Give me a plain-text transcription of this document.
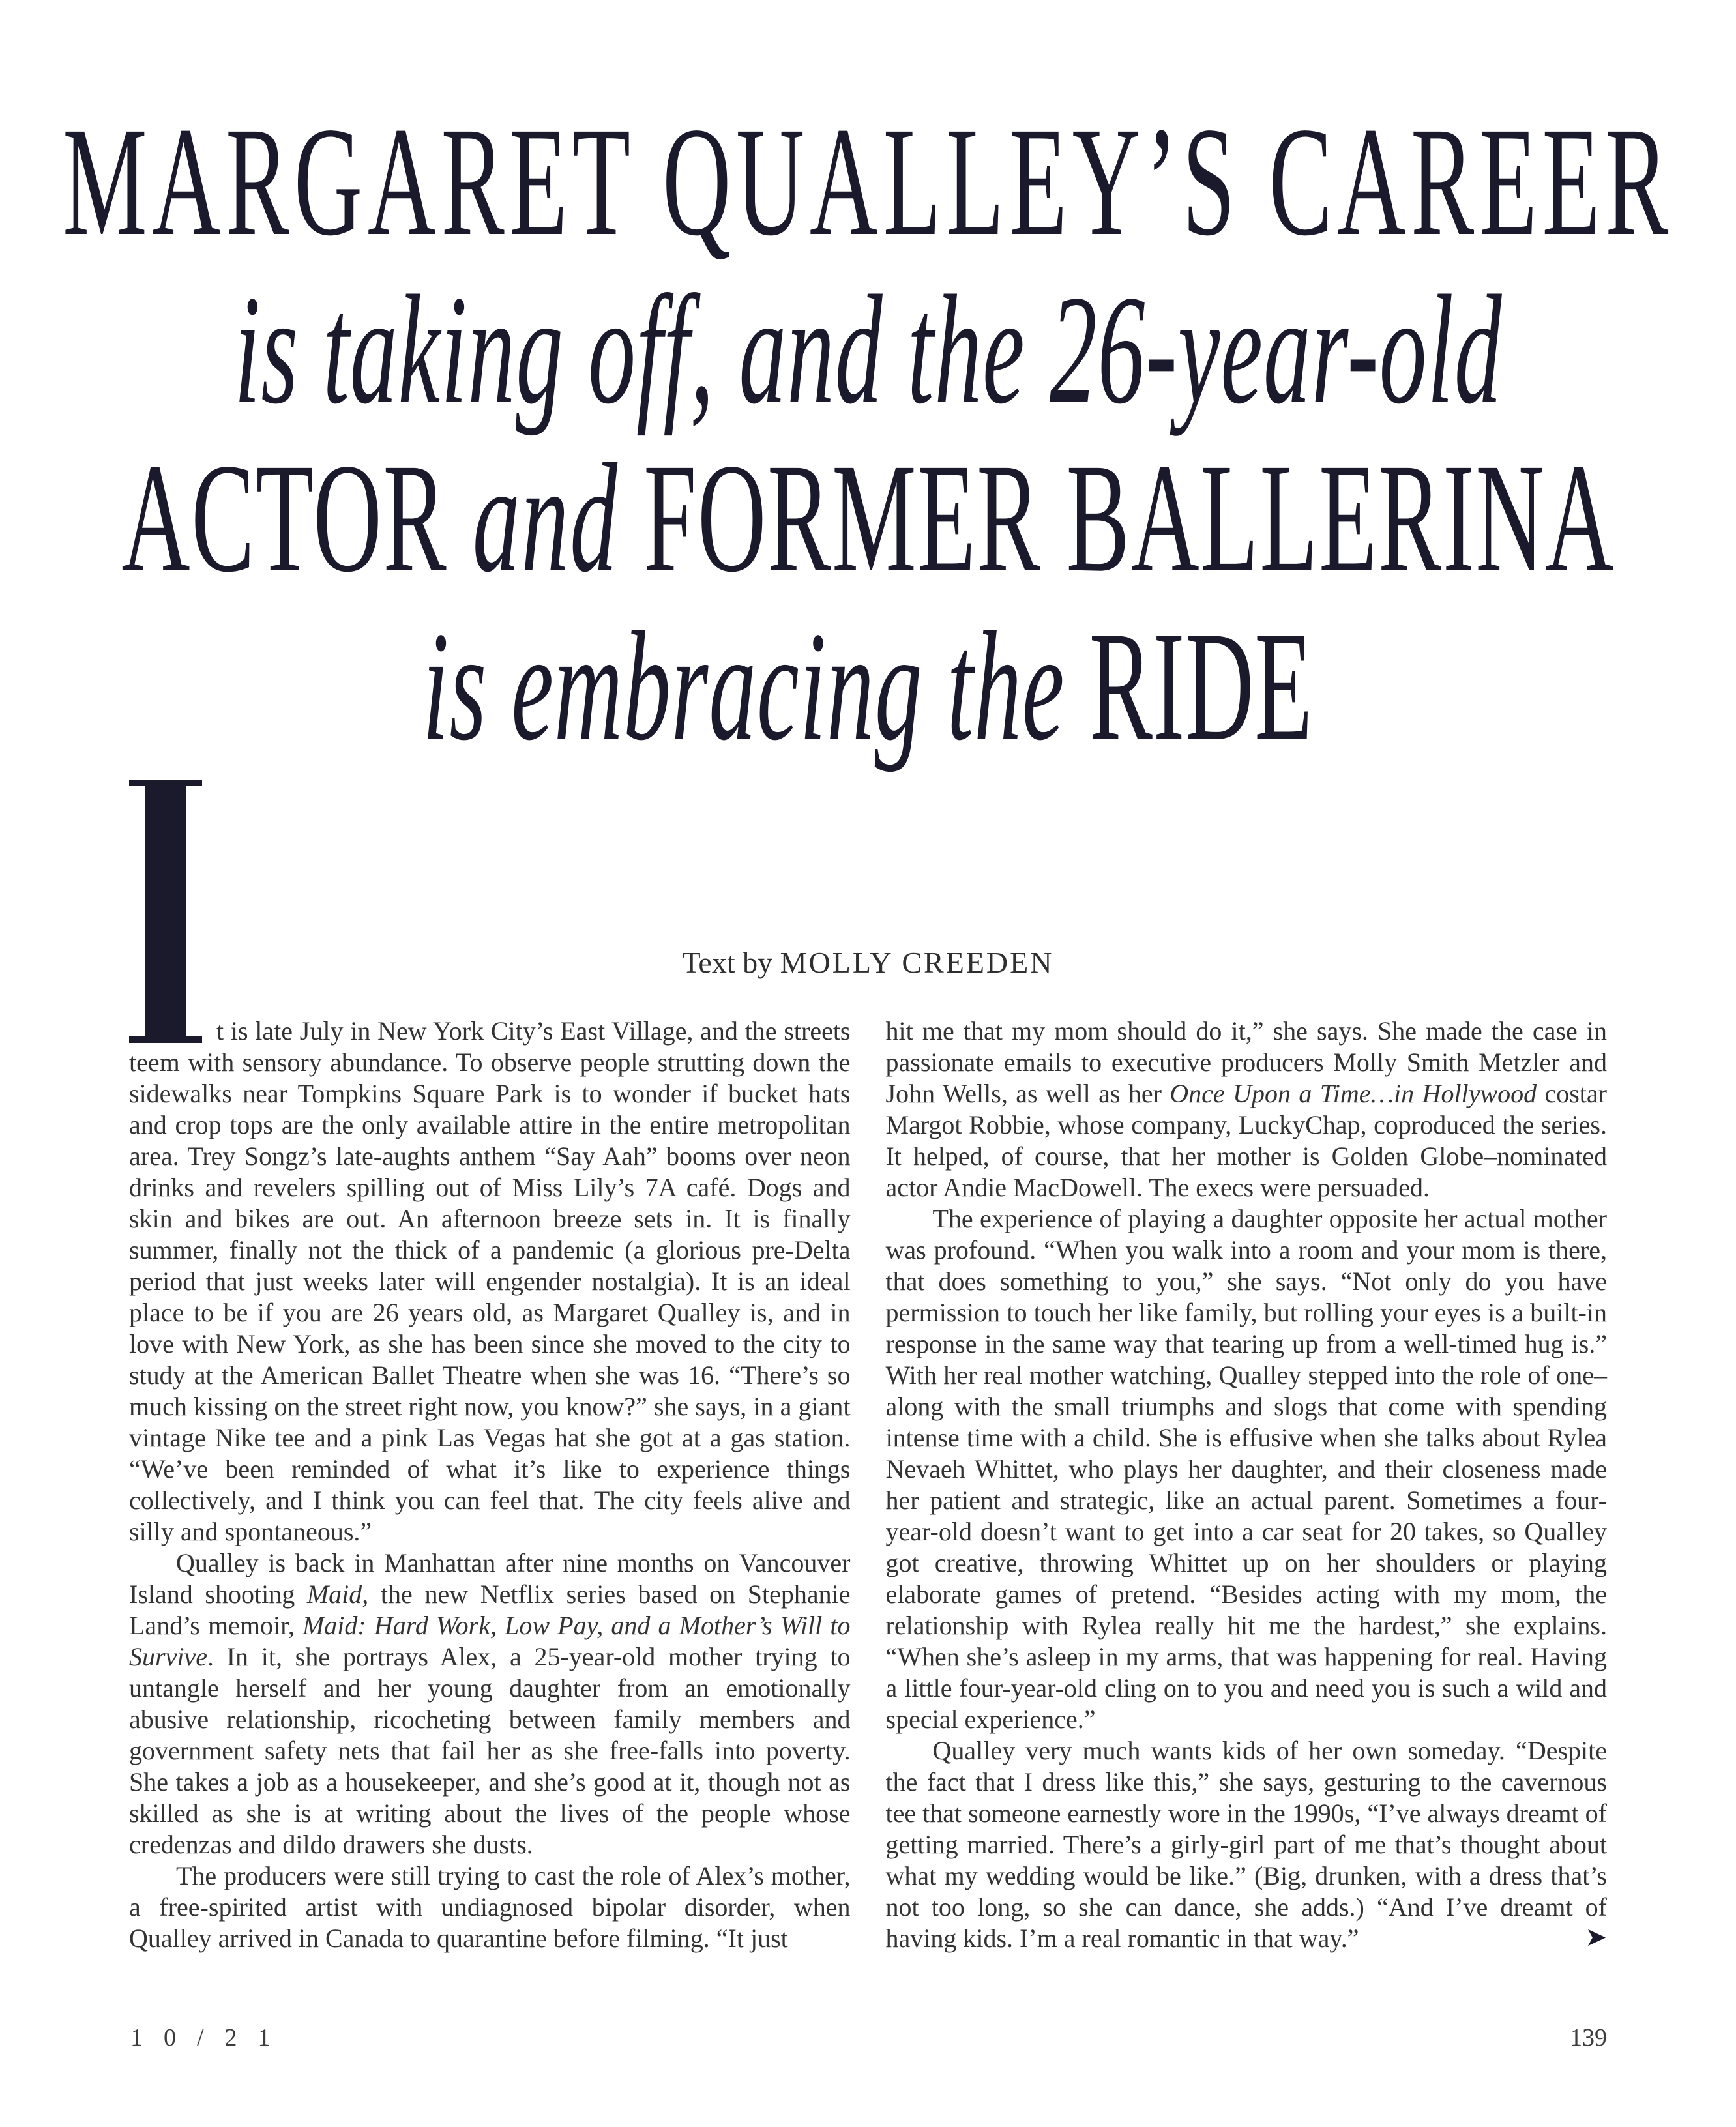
MARGARET QUALLEY’S CAREER
is taking off, and the 26-year-old
ACTOR and FORMER BALLERINA
is embracing the RIDE
Text by MOLLY CREEDEN

t is late July in New York City’s East Village, and the streets teem with sensory abundance. To observe people strutting down the sidewalks near Tompkins Square Park is to wonder if bucket hats and crop tops are the only available attire in the entire metropolitan area. Trey Songz’s late-aughts anthem “Say Aah” booms over neon drinks and revelers spilling out of Miss Lily’s 7A café. Dogs and skin and bikes are out. An afternoon breeze sets in. It is finally summer, finally not the thick of a pandemic (a glorious pre-Delta period that just weeks later will engender nostalgia). It is an ideal place to be if you are 26 years old, as Margaret Qualley is, and in love with New York, as she has been since she moved to the city to study at the American Ballet Theatre when she was 16. “There’s so much kissing on the street right now, you know?” she says, in a giant vintage Nike tee and a pink Las Vegas hat she got at a gas station. “We’ve been reminded of what it’s like to experience things collectively, and I think you can feel that. The city feels alive and silly and spontaneous.”

Qualley is back in Manhattan after nine months on Vancouver Island shooting Maid, the new Netflix series based on Stephanie Land’s memoir, Maid: Hard Work, Low Pay, and a Mother’s Will to Survive. In it, she portrays Alex, a 25-year-old mother trying to untangle herself and her young daughter from an emotionally abusive relationship, ricocheting between family members and government safety nets that fail her as she free-falls into poverty. She takes a job as a housekeeper, and she’s good at it, though not as skilled as she is at writing about the lives of the people whose credenzas and dildo drawers she dusts.

The producers were still trying to cast the role of Alex’s mother, a free-spirited artist with undiagnosed bipolar disorder, when Qualley arrived in Canada to quarantine before filming. “It just	➤

hit me that my mom should do it,” she says. She made the case in passionate emails to executive producers Molly Smith Metzler and John Wells, as well as her Once Upon a Time…in Hollywood costar Margot Robbie, whose company, LuckyChap, coproduced the series. It helped, of course, that her mother is Golden Globe–nominated actor Andie MacDowell. The execs were persuaded.

The experience of playing a daughter opposite her actual mother was profound. “When you walk into a room and your mom is there, that does something to you,” she says. “Not only do you have permission to touch her like family, but rolling your eyes is a built-in response in the same way that tearing up from a well-timed hug is.” With her real mother watching, Qualley stepped into the role of one–along with the small triumphs and slogs that come with spending intense time with a child. She is effusive when she talks about Rylea Nevaeh Whittet, who plays her daughter, and their closeness made her patient and strategic, like an actual parent. Sometimes a four-year-old doesn’t want to get into a car seat for 20 takes, so Qualley got creative, throwing Whittet up on her shoulders or playing elaborate games of pretend. “Besides acting with my mom, the relationship with Rylea really hit me the hardest,” she explains. “When she’s asleep in my arms, that was happening for real. Having a little four-year-old cling on to you and need you is such a wild and special experience.”

Qualley very much wants kids of her own someday. “Despite the fact that I dress like this,” she says, gesturing to the cavernous tee that someone earnestly wore in the 1990s, “I’ve always dreamt of getting married. There’s a girly-girl part of me that’s thought about what my wedding would be like.” (Big, drunken, with a dress that’s not too long, so she can dance, she adds.) “And I’ve dreamt of having kids. I’m a real romantic in that way.”

10/21	139
